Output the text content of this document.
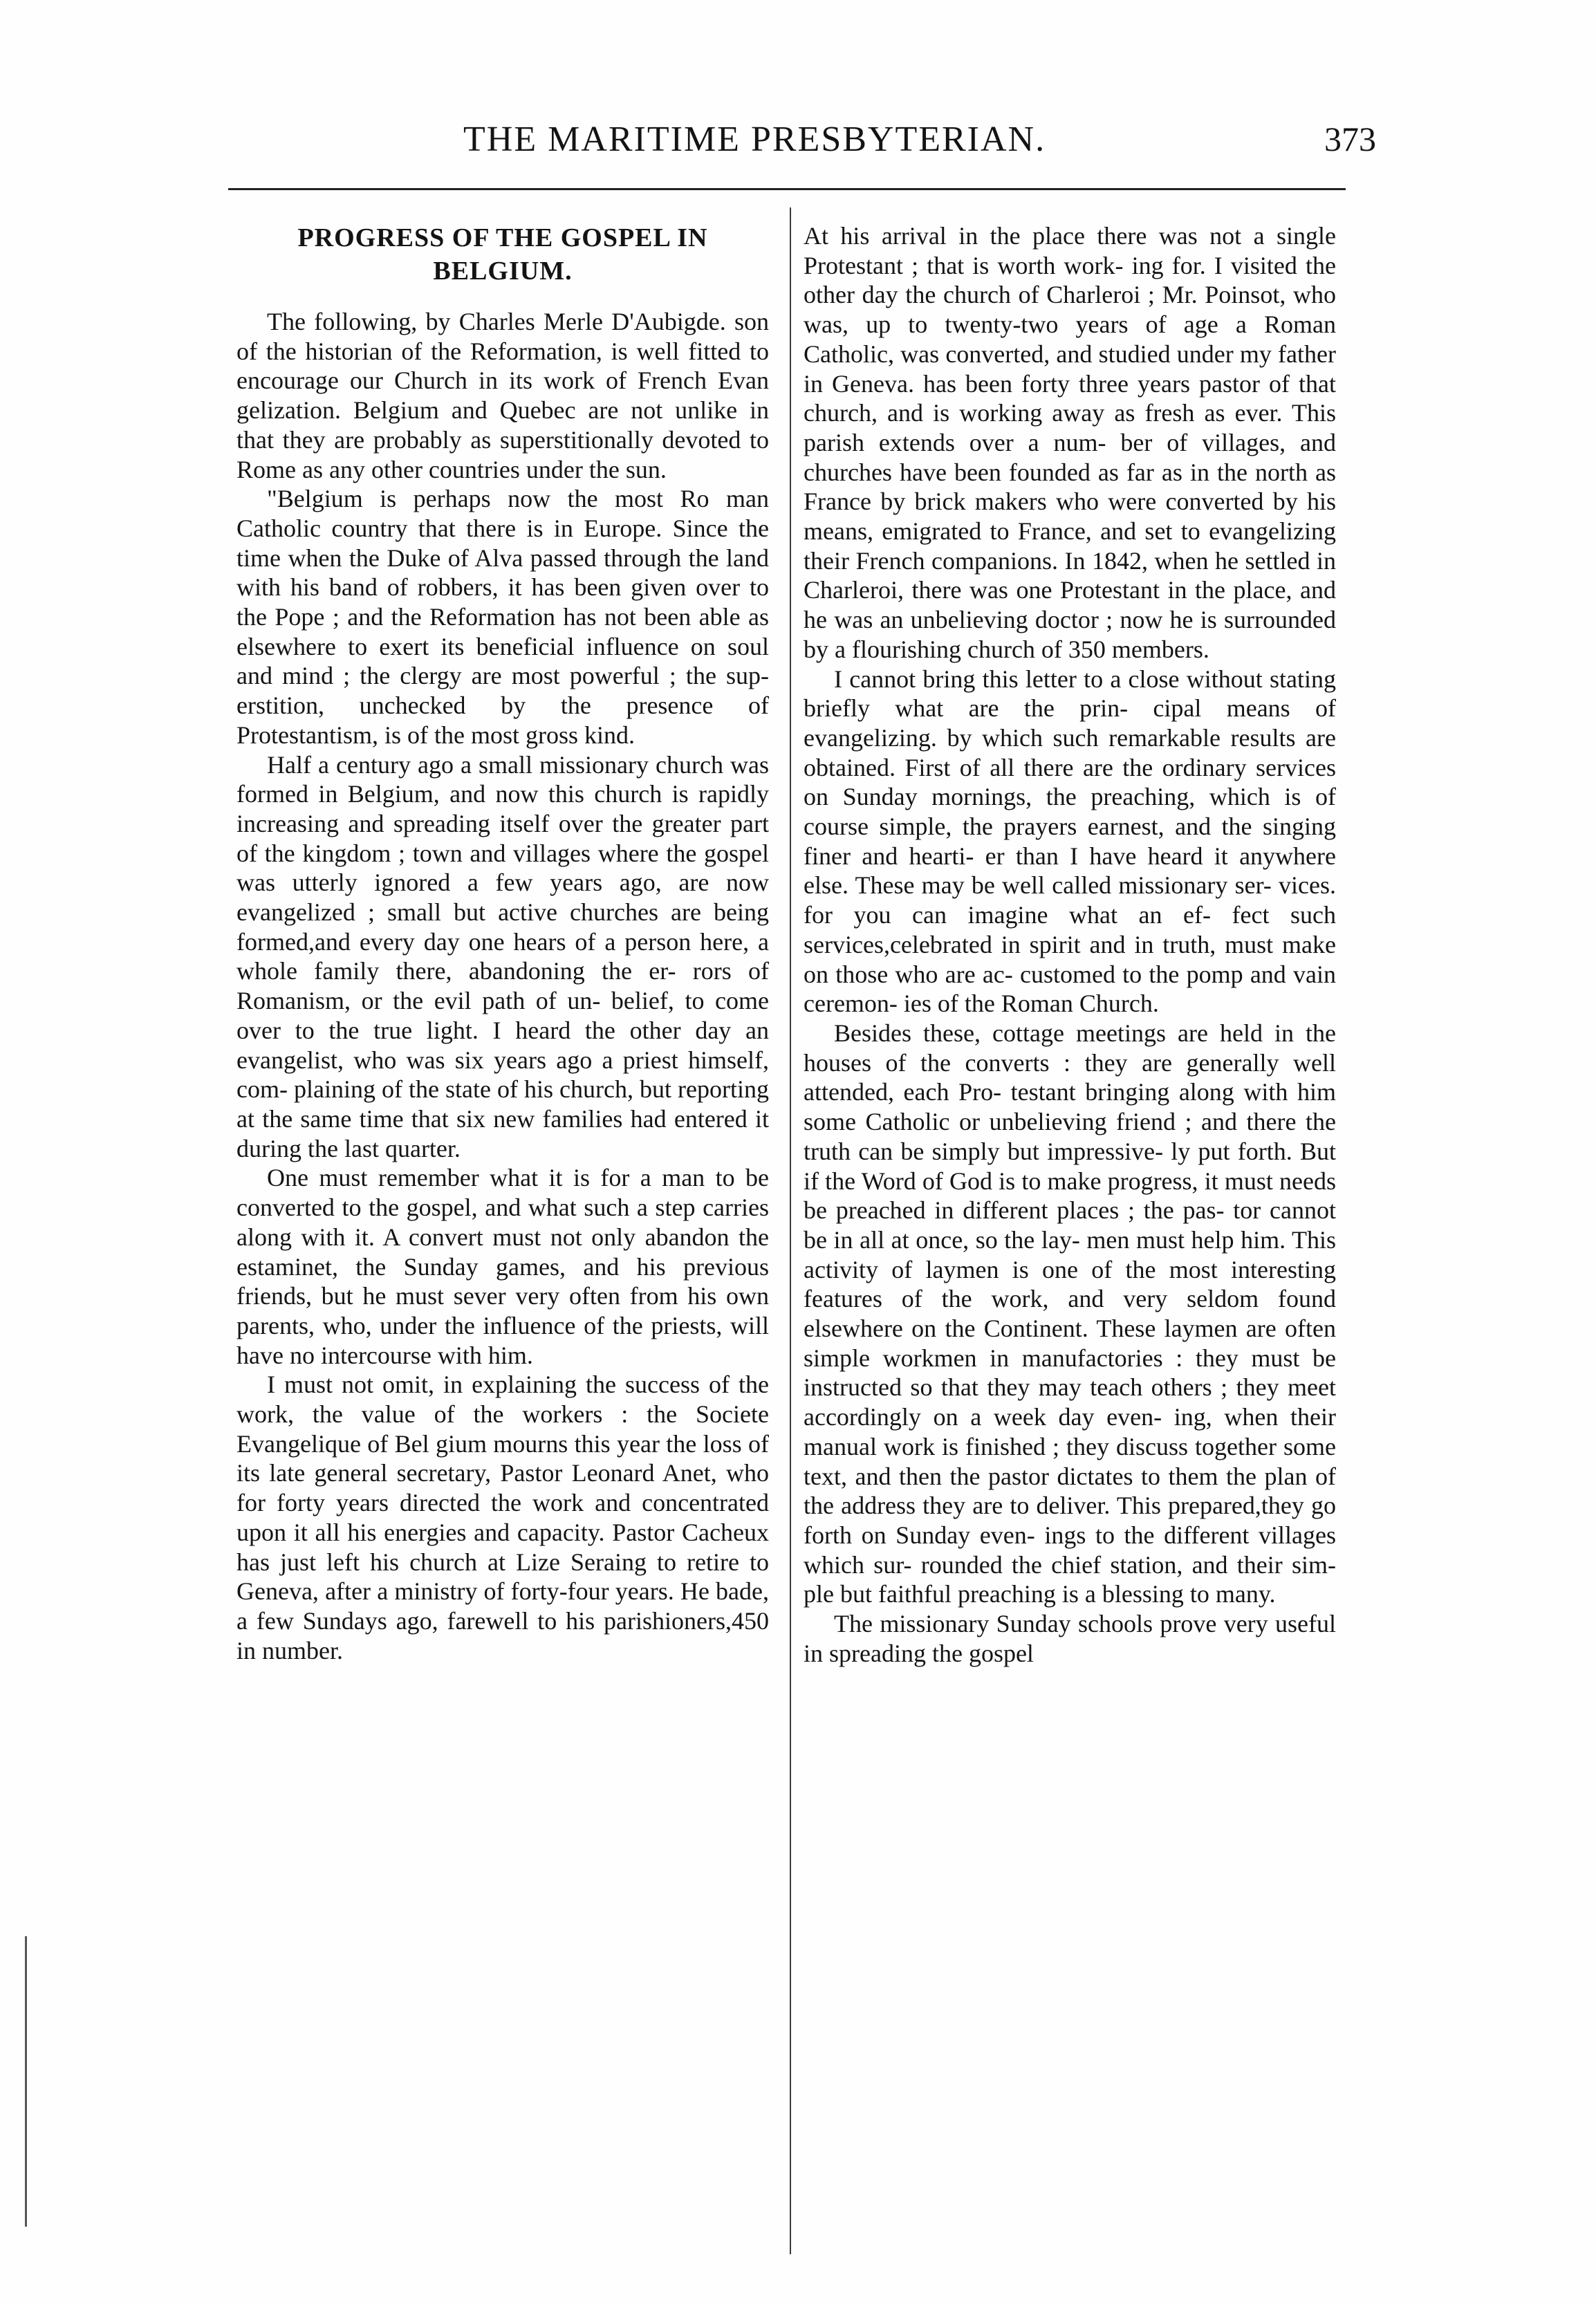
THE MARITIME PRESBYTERIAN.	373
PROGRESS OF THE GOSPEL IN BELGIUM.

The following, by Charles Merle D'Aubigde. son of the historian of the Reformation, is well fitted to encourage our Church in its work of French Evan gelization. Belgium and Quebec are not unlike in that they are probably as superstitionally devoted to Rome as any other countries under the sun.

"Belgium is perhaps now the most Ro man Catholic country that there is in Europe. Since the time when the Duke of Alva passed through the land with his band of robbers, it has been given over to the Pope ; and the Reformation has not been able as elsewhere to exert its beneficial influence on soul and mind ; the clergy are most powerful ; the sup- erstition, unchecked by the presence of Protestantism, is of the most gross kind.

Half a century ago a small missionary church was formed in Belgium, and now this church is rapidly increasing and spreading itself over the greater part of the kingdom ; town and villages where the gospel was utterly ignored a few years ago, are now evangelized ; small but active churches are being formed,and every day one hears of a person here, a whole family there, abandoning the er- rors of Romanism, or the evil path of un- belief, to come over to the true light. I heard the other day an evangelist, who was six years ago a priest himself, com- plaining of the state of his church, but reporting at the same time that six new families had entered it during the last quarter.

One must remember what it is for a man to be converted to the gospel, and what such a step carries along with it. A convert must not only abandon the estaminet, the Sunday games, and his previous friends, but he must sever very often from his own parents, who, under the influence of the priests, will have no intercourse with him.

I must not omit, in explaining the success of the work, the value of the workers : the Societe Evangelique of Bel gium mourns this year the loss of its late general secretary, Pastor Leonard Anet, who for forty years directed the work and concentrated upon it all his energies and capacity. Pastor Cacheux has just left his church at Lize Seraing to retire to Geneva, after a ministry of forty-four years. He bade, a few Sundays ago, farewell to his parishioners,450 in number.

At his arrival in the place there was not a single Protestant ; that is worth work- ing for. I visited the other day the church of Charleroi ; Mr. Poinsot, who was, up to twenty-two years of age a Roman Catholic, was converted, and studied under my father in Geneva. has been forty three years pastor of that church, and is working away as fresh as ever. This parish extends over a num- ber of villages, and churches have been founded as far as in the north as France by brick makers who were converted by his means, emigrated to France, and set to evangelizing their French companions. In 1842, when he settled in Charleroi, there was one Protestant in the place, and he was an unbelieving doctor ; now he is surrounded by a flourishing church of 350 members.

I cannot bring this letter to a close without stating briefly what are the prin- cipal means of evangelizing. by which such remarkable results are obtained. First of all there are the ordinary services on Sunday mornings, the preaching, which is of course simple, the prayers earnest, and the singing finer and hearti- er than I have heard it anywhere else. These may be well called missionary ser- vices. for you can imagine what an ef- fect such services,celebrated in spirit and in truth, must make on those who are ac- customed to the pomp and vain ceremon- ies of the Roman Church.

Besides these, cottage meetings are held in the houses of the converts : they are generally well attended, each Pro- testant bringing along with him some Catholic or unbelieving friend ; and there the truth can be simply but impressive- ly put forth. But if the Word of God is to make progress, it must needs be preached in different places ; the pas- tor cannot be in all at once, so the lay- men must help him. This activity of laymen is one of the most interesting features of the work, and very seldom found elsewhere on the Continent. These laymen are often simple workmen in manufactories : they must be instructed so that they may teach others ; they meet accordingly on a week day even- ing, when their manual work is finished ; they discuss together some text, and then the pastor dictates to them the plan of the address they are to deliver. This prepared,they go forth on Sunday even- ings to the different villages which sur- rounded the chief station, and their sim- ple but faithful preaching is a blessing to many.

The missionary Sunday schools prove very useful in spreading the gospel
